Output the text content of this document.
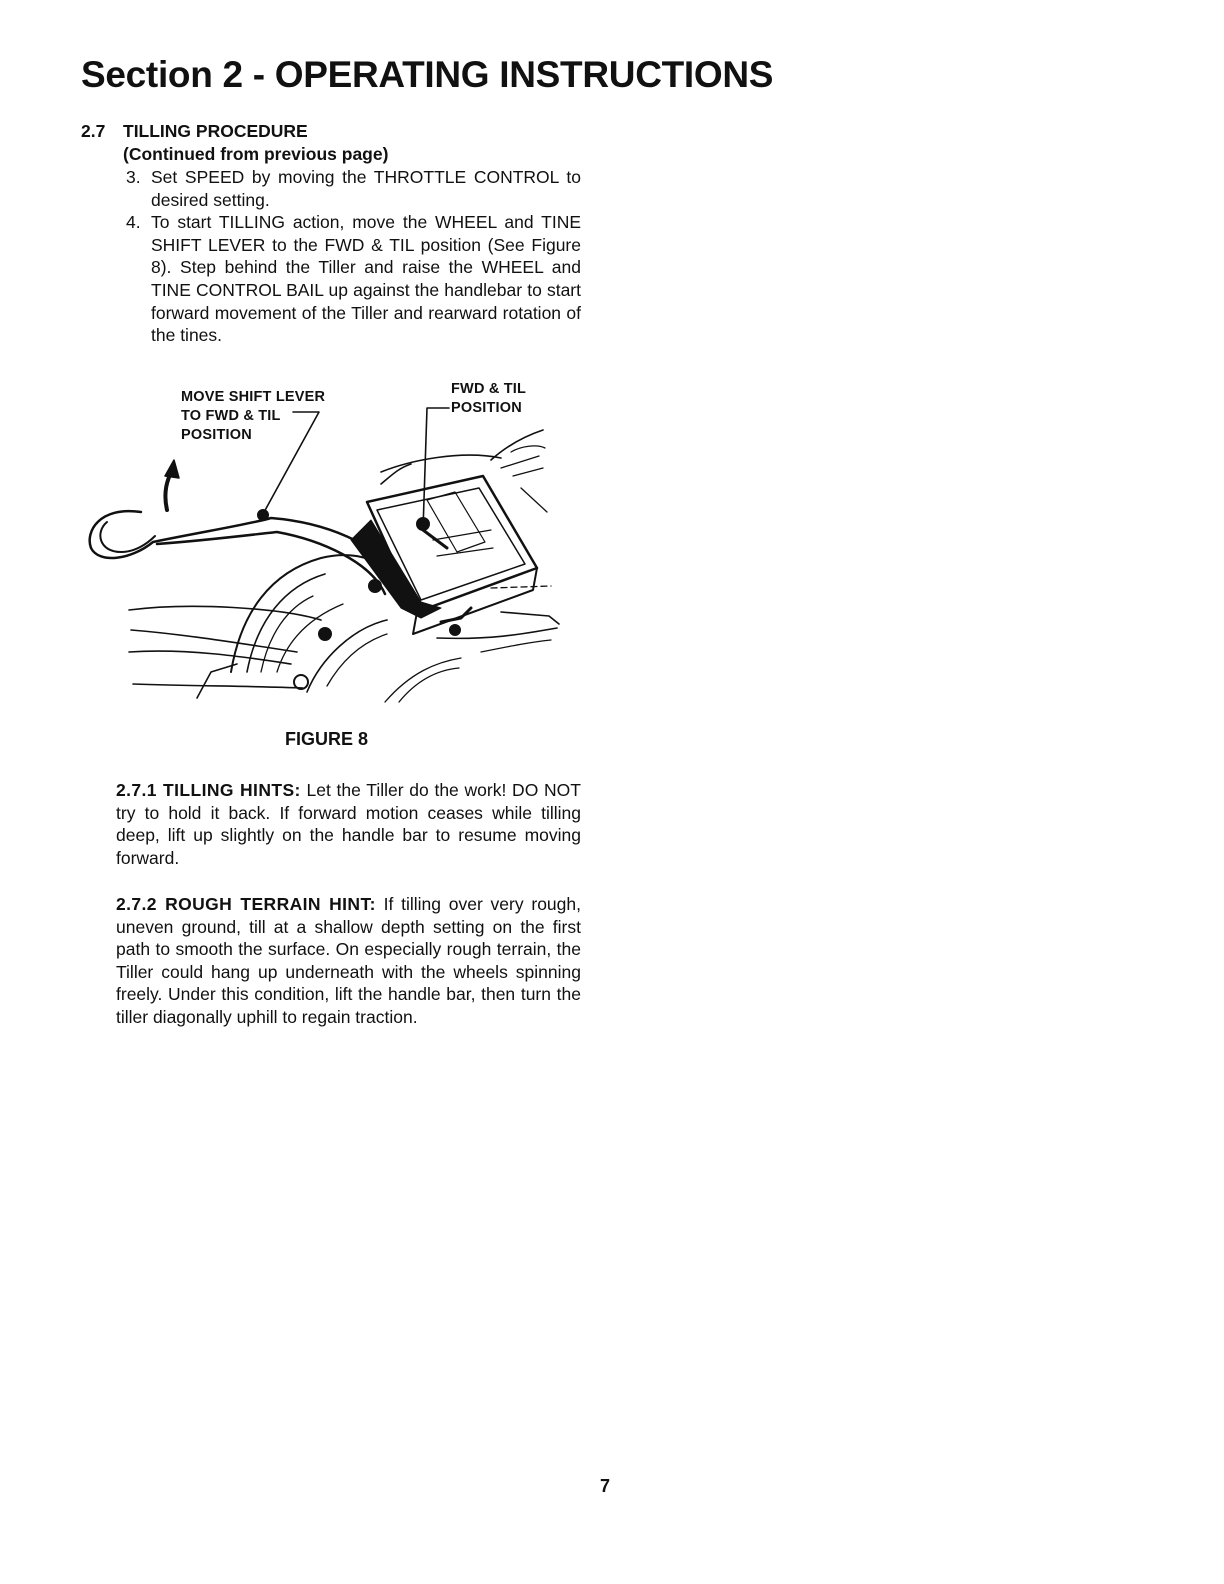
Section 2 - OPERATING INSTRUCTIONS
2.7 TILLING PROCEDURE
(Continued from previous page)
3. Set SPEED by moving the THROTTLE CONTROL to desired setting.
4. To start TILLING action, move the WHEEL and TINE SHIFT LEVER to the FWD & TIL position (See Figure 8). Step behind the Tiller and raise the WHEEL and TINE CONTROL BAIL up against the handlebar to start forward movement of the Tiller and rearward rotation of the tines.
MOVE SHIFT LEVER
TO FWD & TIL
POSITION
FWD & TIL
POSITION
FIGURE 8

2.7.1 TILLING HINTS: Let the Tiller do the work! DO NOT try to hold it back. If forward motion ceases while tilling deep, lift up slightly on the handle bar to resume moving forward.

2.7.2 ROUGH TERRAIN HINT: If tilling over very rough, uneven ground, till at a shallow depth setting on the first path to smooth the surface. On especially rough terrain, the Tiller could hang up underneath with the wheels spinning freely. Under this condition, lift the handle bar, then turn the tiller diagonally uphill to regain traction.

7
